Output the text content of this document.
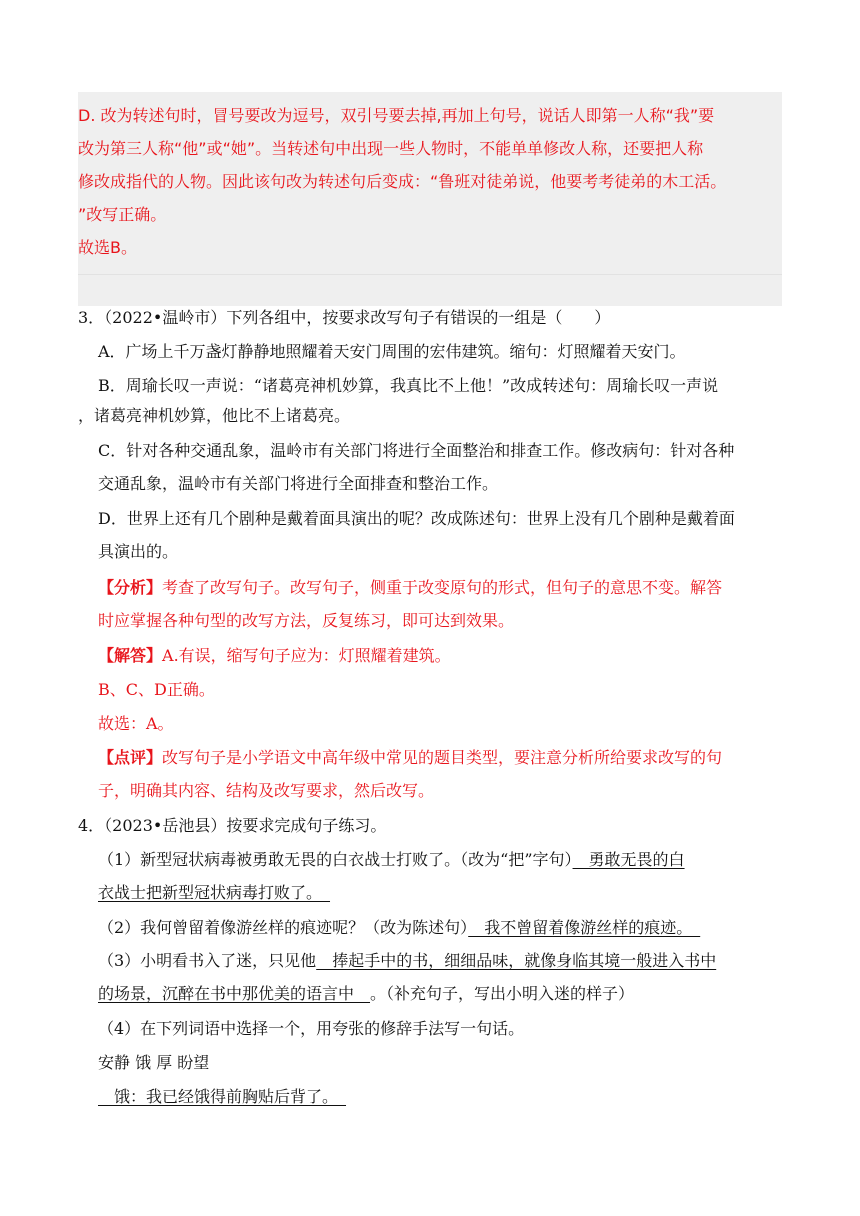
D. 改为转述句时，冒号要改为逗号，双引号要去掉,再加上句号，说话人即第一人称“我”要
改为第三人称“他”或“她”。当转述句中出现一些人物时，不能单单修改人称，还要把人称
修改成指代的人物。因此该句改为转述句后变成：“鲁班对徒弟说，他要考考徒弟的木工活。
”改写正确。
故选B。
3．（2022•温岭市）下列各组中，按要求改写句子有错误的一组是（　　）
A．广场上千万盏灯静静地照耀着天安门周围的宏伟建筑。缩句：灯照耀着天安门。
B．周瑜长叹一声说：“诸葛亮神机妙算，我真比不上他！”改成转述句：周瑜长叹一声说
，诸葛亮神机妙算，他比不上诸葛亮。
C．针对各种交通乱象，温岭市有关部门将进行全面整治和排查工作。修改病句：针对各种
交通乱象，温岭市有关部门将进行全面排查和整治工作。
D．世界上还有几个剧种是戴着面具演出的呢？改成陈述句：世界上没有几个剧种是戴着面
具演出的。
【分析】考查了改写句子。改写句子，侧重于改变原句的形式，但句子的意思不变。解答
时应掌握各种句型的改写方法，反复练习，即可达到效果。
【解答】A.有误，缩写句子应为：灯照耀着建筑。
B、C、D正确。
故选：A。
【点评】改写句子是小学语文中高年级中常见的题目类型，要注意分析所给要求改写的句
子，明确其内容、结构及改写要求，然后改写。
4．（2023•岳池县）按要求完成句子练习。
（1）新型冠状病毒被勇敢无畏的白衣战士打败了。（改为“把”字句）　勇敢无畏的白
衣战士把新型冠状病毒打败了。　
（2）我何曾留着像游丝样的痕迹呢？（改为陈述句）　我不曾留着像游丝样的痕迹。　
（3）小明看书入了迷，只见他　捧起手中的书，细细品味，就像身临其境一般进入书中
的场景，沉醉在书中那优美的语言中　。（补充句子，写出小明入迷的样子）
（4）在下列词语中选择一个，用夸张的修辞手法写一句话。
安静 饿 厚 盼望
　饿：我已经饿得前胸贴后背了。　
